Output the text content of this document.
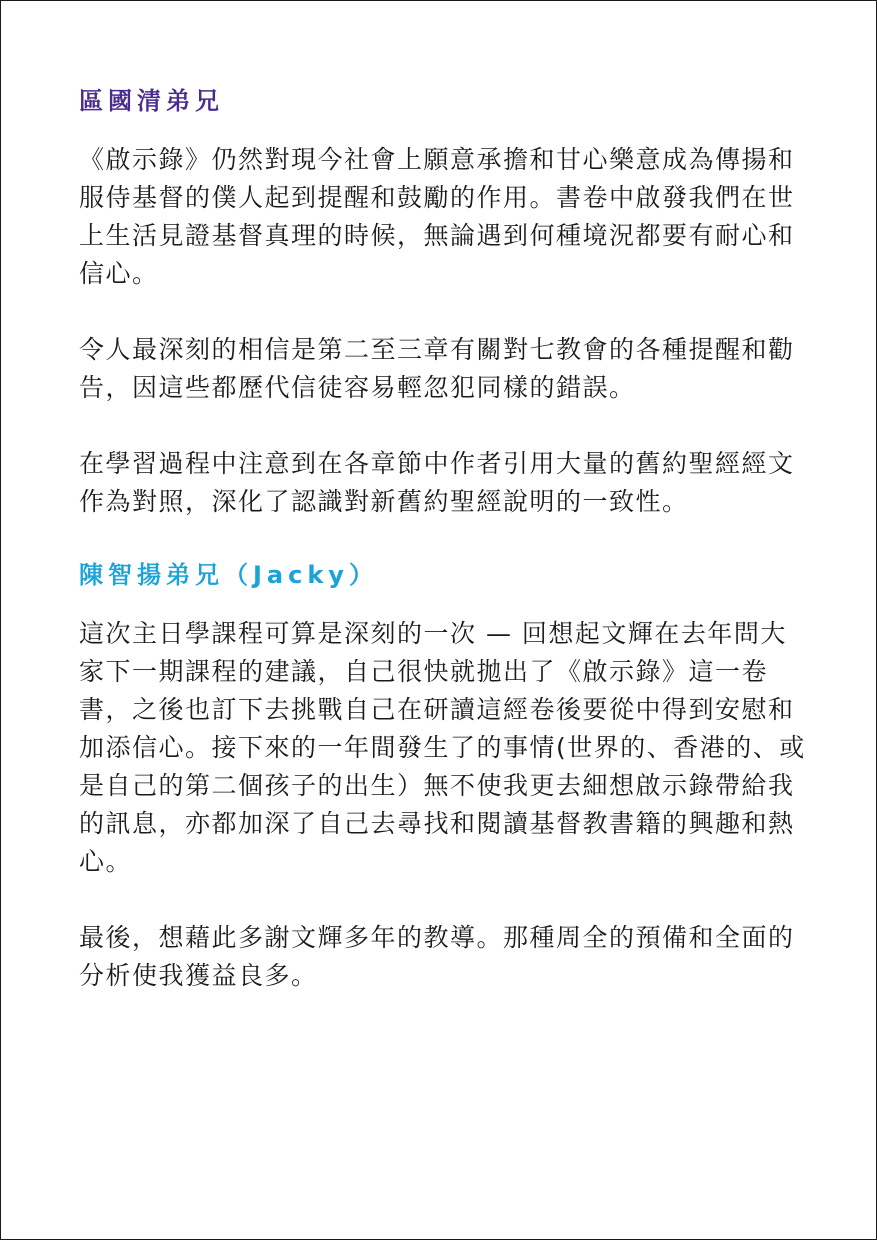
區國清弟兄

《啟示錄》仍然對現今社會上願意承擔和甘心樂意成為傳揚和服侍基督的僕人起到提醒和鼓勵的作用。書卷中啟發我們在世上生活見證基督真理的時候，無論遇到何種境況都要有耐心和信心。

令人最深刻的相信是第二至三章有關對七教會的各種提醒和勸告，因這些都歷代信徒容易輕忽犯同樣的錯誤。

在學習過程中注意到在各章節中作者引用大量的舊約聖經經文作為對照，深化了認識對新舊約聖經說明的一致性。

陳智揚弟兄（Jacky）

這次主日學課程可算是深刻的一次 — 回想起文輝在去年問大家下一期課程的建議，自己很快就拋出了《啟示錄》這一卷書，之後也訂下去挑戰自己在研讀這經卷後要從中得到安慰和加添信心。接下來的一年間發生了的事情(世界的、香港的、或是自己的第二個孩子的出生）無不使我更去細想啟示錄帶給我的訊息，亦都加深了自己去尋找和閱讀基督教書籍的興趣和熱心。

最後，想藉此多謝文輝多年的教導。那種周全的預備和全面的分析使我獲益良多。
